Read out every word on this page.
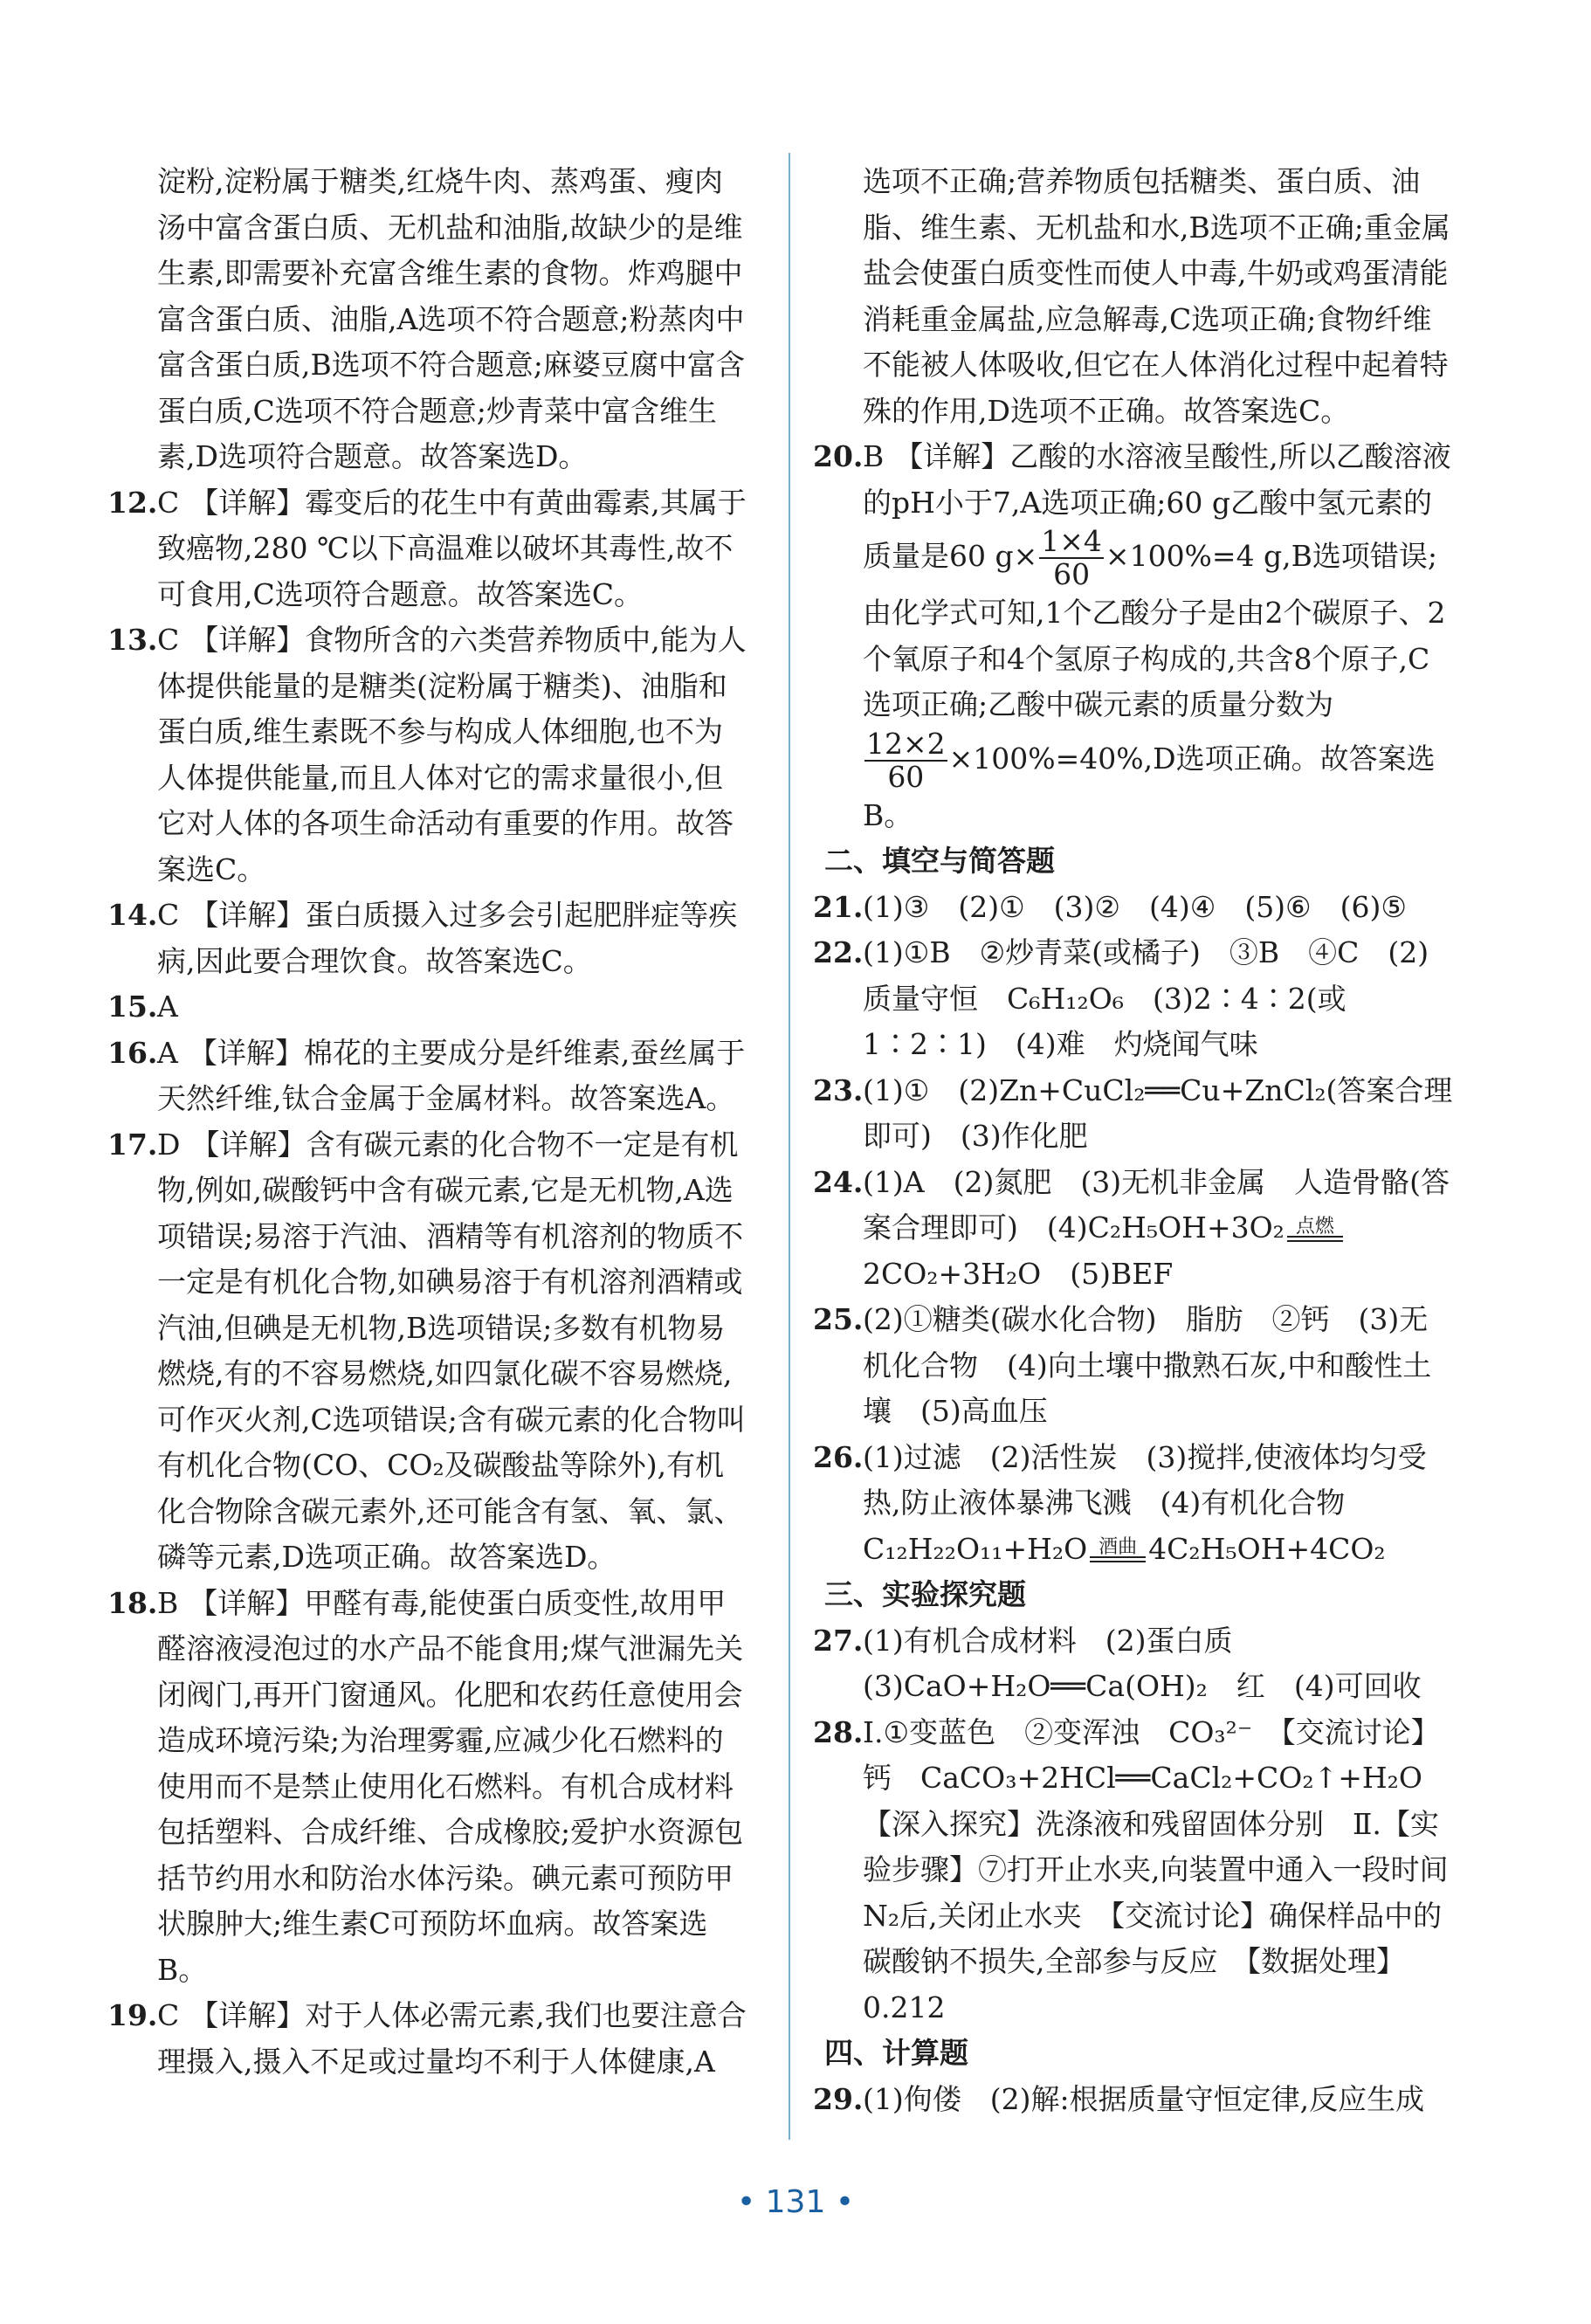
淀粉,淀粉属于糖类,红烧牛肉、蒸鸡蛋、瘦肉汤中富含蛋白质、无机盐和油脂,故缺少的是维生素,即需要补充富含维生素的食物。炸鸡腿中富含蛋白质、油脂,A选项不符合题意;粉蒸肉中富含蛋白质,B选项不符合题意;麻婆豆腐中富含蛋白质,C选项不符合题意;炒青菜中富含维生素,D选项符合题意。故答案选D。
12. C 【详解】霉变后的花生中有黄曲霉素,其属于致癌物,280 ℃以下高温难以破坏其毒性,故不可食用,C选项符合题意。故答案选C。
13. C 【详解】食物所含的六类营养物质中,能为人体提供能量的是糖类(淀粉属于糖类)、油脂和蛋白质,维生素既不参与构成人体细胞,也不为人体提供能量,而且人体对它的需求量很小,但它对人体的各项生命活动有重要的作用。故答案选C。
14. C 【详解】蛋白质摄入过多会引起肥胖症等疾病,因此要合理饮食。故答案选C。
15. A
16. A 【详解】棉花的主要成分是纤维素,蚕丝属于天然纤维,钛合金属于金属材料。故答案选A。
17. D 【详解】含有碳元素的化合物不一定是有机物,例如,碳酸钙中含有碳元素,它是无机物,A选项错误;易溶于汽油、酒精等有机溶剂的物质不一定是有机化合物,如碘易溶于有机溶剂酒精或汽油,但碘是无机物,B选项错误;多数有机物易燃烧,有的不容易燃烧,如四氯化碳不容易燃烧,可作灭火剂,C选项错误;含有碳元素的化合物叫有机化合物(CO、CO₂及碳酸盐等除外),有机化合物除含碳元素外,还可能含有氢、氧、氯、磷等元素,D选项正确。故答案选D。
18. B 【详解】甲醛有毒,能使蛋白质变性,故用甲醛溶液浸泡过的水产品不能食用;煤气泄漏先关闭阀门,再开门窗通风。化肥和农药任意使用会造成环境污染;为治理雾霾,应减少化石燃料的使用而不是禁止使用化石燃料。有机合成材料包括塑料、合成纤维、合成橡胶;爱护水资源包括节约用水和防治水体污染。碘元素可预防甲状腺肿大;维生素C可预防坏血病。故答案选B。
19. C 【详解】对于人体必需元素,我们也要注意合理摄入,摄入不足或过量均不利于人体健康,A
选项不正确;营养物质包括糖类、蛋白质、油脂、维生素、无机盐和水,B选项不正确;重金属盐会使蛋白质变性而使人中毒,牛奶或鸡蛋清能消耗重金属盐,应急解毒,C选项正确;食物纤维不能被人体吸收,但它在人体消化过程中起着特殊的作用,D选项不正确。故答案选C。
20. B 【详解】乙酸的水溶液呈酸性,所以乙酸溶液的pH小于7,A选项正确;60 g乙酸中氢元素的质量是60 $g\times \frac{1\times 4}{60} \times 100\%=4$ g,B选项错误;由化学式可知,1个乙酸分子是由2个碳原子、2个氧原子和4个氢原子构成的,共含8个原子,C选项正确;乙酸中碳元素的质量分数为

$\frac{12\times 2}{60} \times 100\%=40\%,D$选项正确。故答案选B。
二、填空与简答题
21. (1)③　(2)①　(3)②　(4)④　(5)⑥　(6)⑤
22. (1)①B　②炒青菜(或橘子)　③B　④C　(2)质量守恒　C₆H₁₂O₆　(3)2∶4∶2(或1∶2∶1)　(4)难　灼烧闻气味
23. (1)①　(2)Zn+CuCl₂══Cu+ZnCl₂(答案合理即可)　(3)作化肥
24. (1)A　(2)氮肥　(3)无机非金属　人造骨骼(答案合理即可)　(4)C₂H₅OH+3O₂ 点燃

2CO₂+3H₂O　(5)BEF
25. (2)①糖类(碳水化合物)　脂肪　②钙　(3)无机化合物　(4)向土壤中撒熟石灰,中和酸性土壤　(5)高血压
26. (1)过滤　(2)活性炭　(3)搅拌,使液体均匀受热,防止液体暴沸飞溅　(4)有机化合物　C₁₂H₂₂O₁₁+H₂O 酒曲 4C₂H₅OH+4CO₂
三、实验探究题
27. (1)有机合成材料　(2)蛋白质　(3)CaO+H₂O══Ca(OH)₂　红　(4)可回收
28. Ⅰ.①变蓝色　②变浑浊　CO₃²⁻　【交流讨论】钙　CaCO₃+2HCl══CaCl₂+CO₂↑+H₂O　【深入探究】洗涤液和残留固体分别　Ⅱ.【实验步骤】⑦打开止水夹,向装置中通入一段时间N₂后,关闭止水夹　【交流讨论】确保样品中的碳酸钠不损失,全部参与反应　【数据处理】0.212
四、计算题
29. (1)佝偻　(2)解:根据质量守恒定律,反应生成
• 131 •
